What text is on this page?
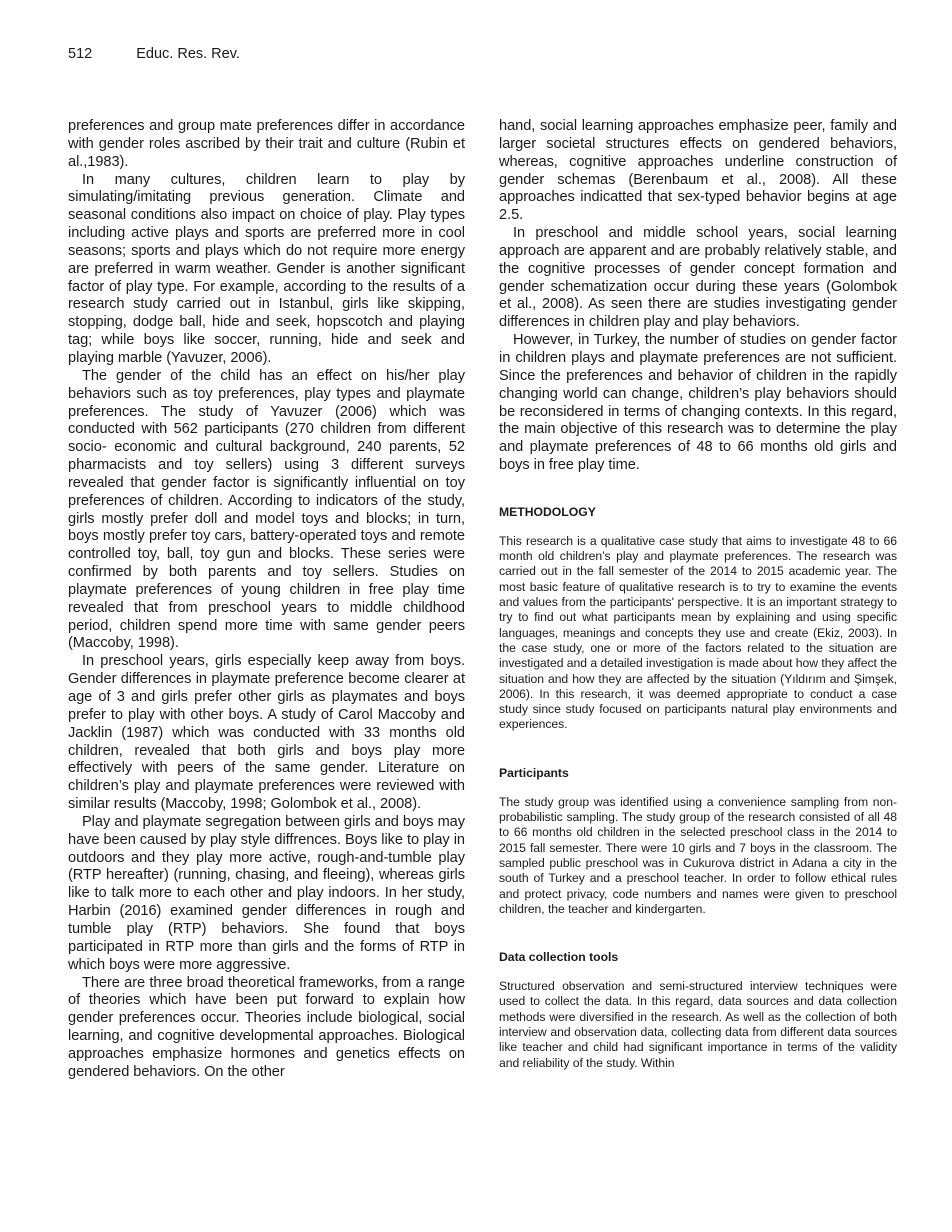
512	Educ. Res. Rev.

preferences and group mate preferences differ in accordance with gender roles ascribed by their trait and culture (Rubin et al.,1983).

In many cultures, children learn to play by simulating/imitating previous generation. Climate and seasonal conditions also impact on choice of play. Play types including active plays and sports are preferred more in cool seasons; sports and plays which do not require more energy are preferred in warm weather. Gender is another significant factor of play type. For example, according to the results of a research study carried out in Istanbul, girls like skipping, stopping, dodge ball, hide and seek, hopscotch and playing tag; while boys like soccer, running, hide and seek and playing marble (Yavuzer, 2006).

The gender of the child has an effect on his/her play behaviors such as toy preferences, play types and playmate preferences. The study of Yavuzer (2006) which was conducted with 562 participants (270 children from different socio- economic and cultural background, 240 parents, 52 pharmacists and toy sellers) using 3 different surveys revealed that gender factor is significantly influential on toy preferences of children. According to indicators of the study, girls mostly prefer doll and model toys and blocks; in turn, boys mostly prefer toy cars, battery-operated toys and remote controlled toy, ball, toy gun and blocks. These series were confirmed by both parents and toy sellers. Studies on playmate preferences of young children in free play time revealed that from preschool years to middle childhood period, children spend more time with same gender peers (Maccoby, 1998).

In preschool years, girls especially keep away from boys. Gender differences in playmate preference become clearer at age of 3 and girls prefer other girls as playmates and boys prefer to play with other boys. A study of Carol Maccoby and Jacklin (1987) which was conducted with 33 months old children, revealed that both girls and boys play more effectively with peers of the same gender. Literature on children’s play and playmate preferences were reviewed with similar results (Maccoby, 1998; Golombok et al., 2008).

Play and playmate segregation between girls and boys may have been caused by play style diffrences. Boys like to play in outdoors and they play more active, rough-and-tumble play (RTP hereafter) (running, chasing, and fleeing), whereas girls like to talk more to each other and play indoors. In her study, Harbin (2016) examined gender differences in rough and tumble play (RTP) behaviors. She found that boys participated in RTP more than girls and the forms of RTP in which boys were more aggressive.

There are three broad theoretical frameworks, from a range of theories which have been put forward to explain how gender preferences occur. Theories include biological, social learning, and cognitive developmental approaches. Biological approaches emphasize hormones and genetics effects on gendered behaviors. On the other

hand, social learning approaches emphasize peer, family and larger societal structures effects on gendered behaviors, whereas, cognitive approaches underline construction of gender schemas (Berenbaum et al., 2008). All these approaches indicatted that sex-typed behavior begins at age 2.5.

In preschool and middle school years, social learning approach are apparent and are probably relatively stable, and the cognitive processes of gender concept formation and gender schematization occur during these years (Golombok et al., 2008). As seen there are studies investigating gender differences in children play and play behaviors.

However, in Turkey, the number of studies on gender factor in children plays and playmate preferences are not sufficient. Since the preferences and behavior of children in the rapidly changing world can change, children’s play behaviors should be reconsidered in terms of changing contexts. In this regard, the main objective of this research was to determine the play and playmate preferences of 48 to 66 months old girls and boys in free play time.

METHODOLOGY

This research is a qualitative case study that aims to investigate 48 to 66 month old children’s play and playmate preferences. The research was carried out in the fall semester of the 2014 to 2015 academic year. The most basic feature of qualitative research is to try to examine the events and values from the participants' perspective. It is an important strategy to try to find out what participants mean by explaining and using specific languages, meanings and concepts they use and create (Ekiz, 2003). In the case study, one or more of the factors related to the situation are investigated and a detailed investigation is made about how they affect the situation and how they are affected by the situation (Yıldırım and Şimşek, 2006). In this research, it was deemed appropriate to conduct a case study since study focused on participants natural play environments and experiences.

Participants

The study group was identified using a convenience sampling from non-probabilistic sampling. The study group of the research consisted of all 48 to 66 months old children in the selected preschool class in the 2014 to 2015 fall semester. There were 10 girls and 7 boys in the classroom. The sampled public preschool was in Cukurova district in Adana a city in the south of Turkey and a preschool teacher. In order to follow ethical rules and protect privacy, code numbers and names were given to preschool children, the teacher and kindergarten.

Data collection tools

Structured observation and semi-structured interview techniques were used to collect the data. In this regard, data sources and data collection methods were diversified in the research. As well as the collection of both interview and observation data, collecting data from different data sources like teacher and child had significant importance in terms of the validity and reliability of the study. Within
